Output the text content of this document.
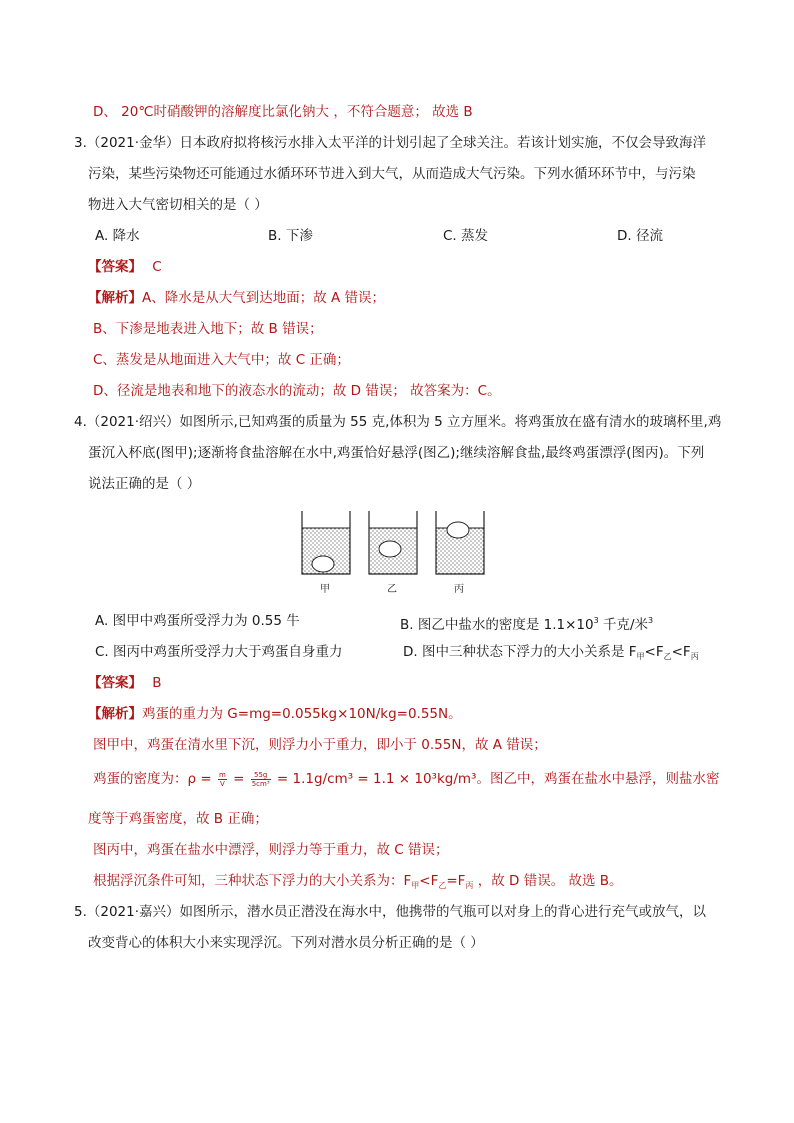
D、 20℃时硝酸钾的溶解度比氯化钠大 ，不符合题意； 故选 B
3.（2021·金华）日本政府拟将核污水排入太平洋的计划引起了全球关注。若该计划实施，不仅会导致海洋
污染，某些污染物还可能通过水循环环节进入到大气，从而造成大气污染。下列水循环环节中，与污染
物进入大气密切相关的是（ ）
A. 降水	B. 下渗	C. 蒸发	D. 径流
【答案】 C
【解析】A、降水是从大气到达地面；故 A 错误；
B、下渗是地表进入地下；故 B 错误；
C、蒸发是从地面进入大气中；故 C 正确；
D、径流是地表和地下的液态水的流动；故 D 错误； 故答案为：C。
4.（2021·绍兴）如图所示,已知鸡蛋的质量为 55 克,体积为 5 立方厘米。将鸡蛋放在盛有清水的玻璃杯里,鸡
蛋沉入杯底(图甲);逐渐将食盐溶解在水中,鸡蛋恰好悬浮(图乙);继续溶解食盐,最终鸡蛋漂浮(图丙)。下列
说法正确的是（ ）
甲	乙	丙
A. 图甲中鸡蛋所受浮力为 0.55 牛	B. 图乙中盐水的密度是 $1.1\times 10^3$ 千克/米$^3$
C. 图丙中鸡蛋所受浮力大于鸡蛋自身重力	D. 图中三种状态下浮力的大小关系是 $F_甲<F_乙<F_丙$
【答案】 B
【解析】鸡蛋的重力为 G=mg=0.055kg×10N/kg=0.55N。
图甲中，鸡蛋在清水里下沉，则浮力小于重力，即小于 0.55N，故 A 错误；
鸡蛋的密度为：$\rho = \frac{m}{V} = \frac{55g}{\text{5cm³}} = 1.1g/cm^3 = 1.1 \times 10^3kg/m^3$。图乙中，鸡蛋在盐水中悬浮，则盐水密
度等于鸡蛋密度，故 B 正确；
图丙中，鸡蛋在盐水中漂浮，则浮力等于重力，故 C 错误；
根据浮沉条件可知，三种状态下浮力的大小关系为：$F_甲<F_乙=F_丙$ ，故 D 错误。 故选 B。
5.（2021·嘉兴）如图所示，潜水员正潜没在海水中，他携带的气瓶可以对身上的背心进行充气或放气，以
改变背心的体积大小来实现浮沉。下列对潜水员分析正确的是（ ）
